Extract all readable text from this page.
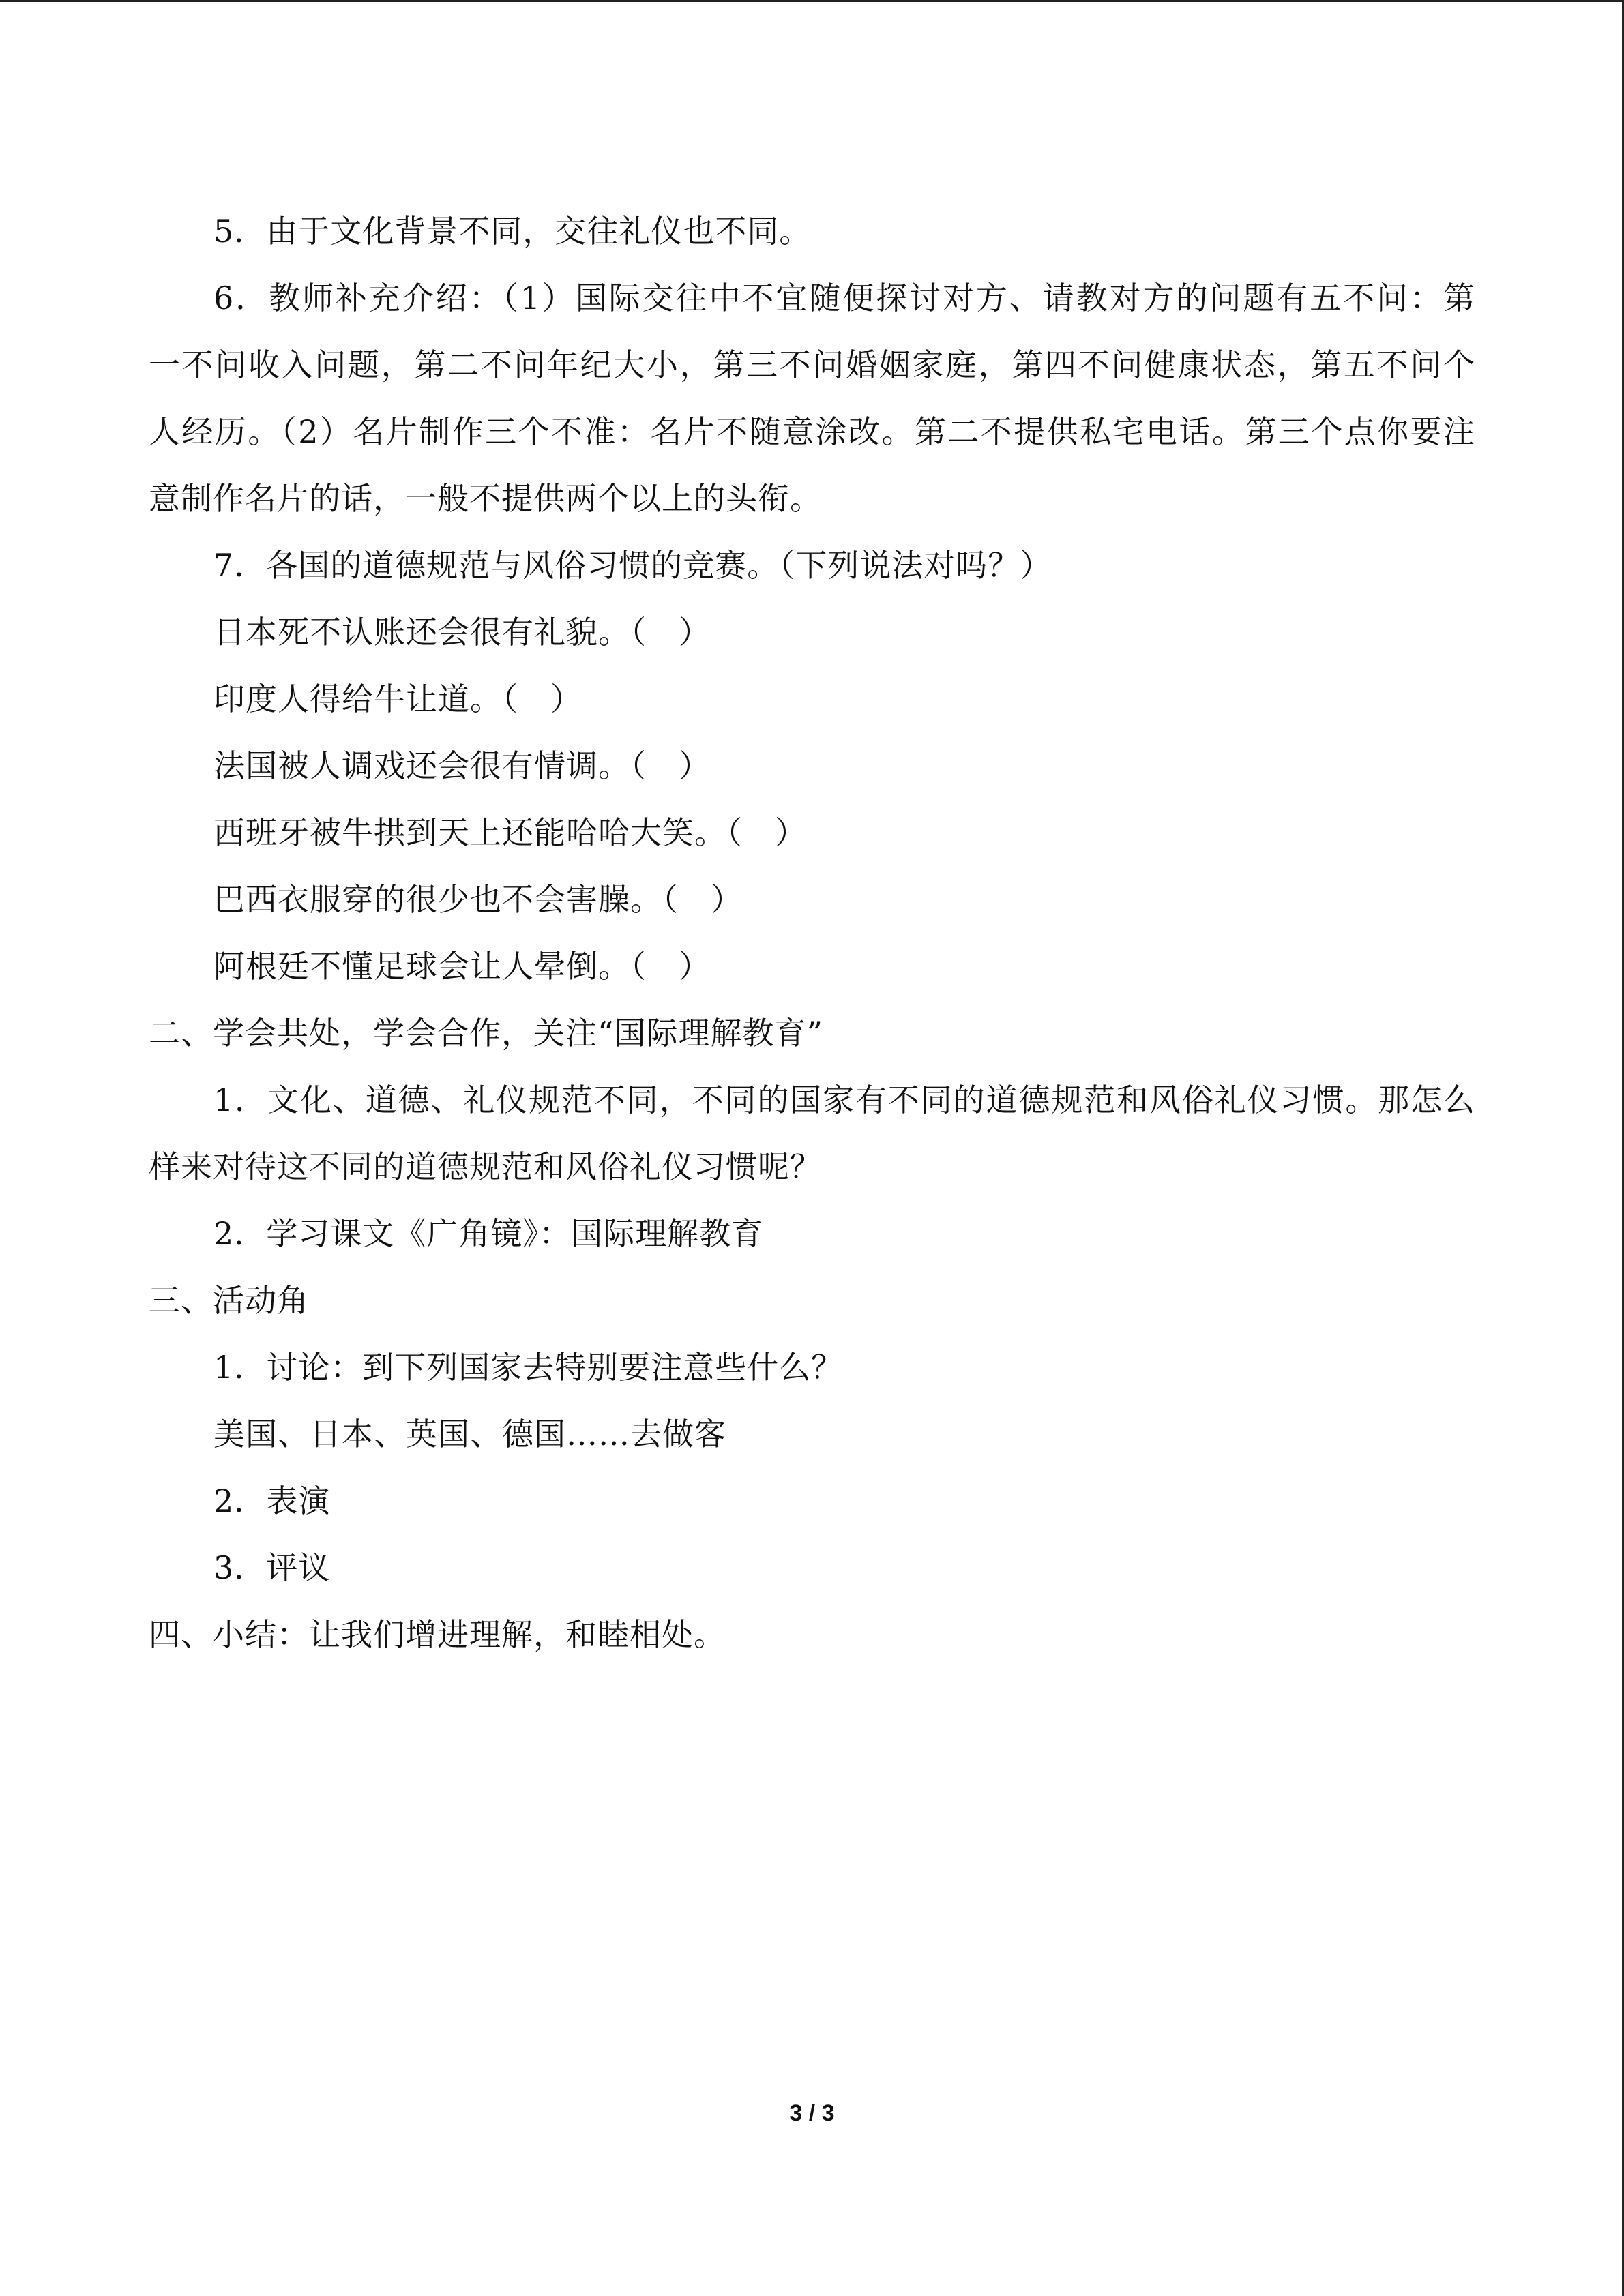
5．由于文化背景不同，交往礼仪也不同。
6．教师补充介绍：（1）国际交往中不宜随便探讨对方、请教对方的问题有五不问：第
一不问收入问题，第二不问年纪大小，第三不问婚姻家庭，第四不问健康状态，第五不问个
人经历。（2）名片制作三个不准：名片不随意涂改。第二不提供私宅电话。第三个点你要注
意制作名片的话，一般不提供两个以上的头衔。
7．各国的道德规范与风俗习惯的竞赛。（下列说法对吗？）
日本死不认账还会很有礼貌。（　）
印度人得给牛让道。（　）
法国被人调戏还会很有情调。（　）
西班牙被牛拱到天上还能哈哈大笑。（　）
巴西衣服穿的很少也不会害臊。（　）
阿根廷不懂足球会让人晕倒。（　）
二、学会共处，学会合作，关注“国际理解教育”
1．文化、道德、礼仪规范不同，不同的国家有不同的道德规范和风俗礼仪习惯。那怎么
样来对待这不同的道德规范和风俗礼仪习惯呢？
2．学习课文《广角镜》：国际理解教育
三、活动角
1．讨论：到下列国家去特别要注意些什么？
美国、日本、英国、德国……去做客
2．表演
3．评议
四、小结：让我们增进理解，和睦相处。
3 / 3
